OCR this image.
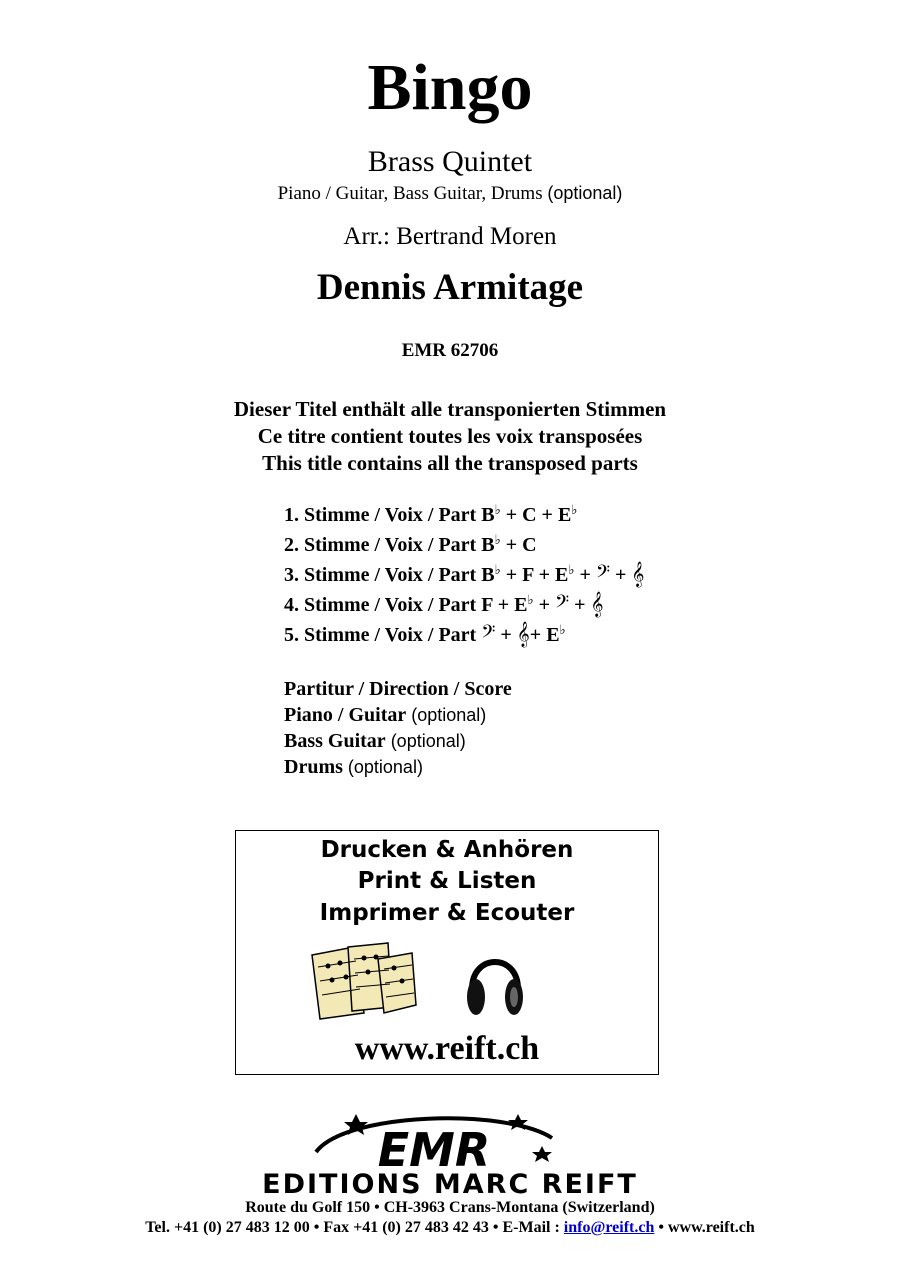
Bingo
Brass Quintet
Piano / Guitar, Bass Guitar, Drums (optional)
Arr.: Bertrand Moren
Dennis Armitage
EMR 62706
Dieser Titel enthält alle transponierten Stimmen
Ce titre contient toutes les voix transposées
This title contains all the transposed parts
1. Stimme / Voix / Part B♭ + C + E♭
2. Stimme / Voix / Part B♭ + C
3. Stimme / Voix / Part B♭ + F + E♭ + 𝄢 + 𝄞
4. Stimme / Voix / Part F + E♭ + 𝄢 + 𝄞
5. Stimme / Voix / Part 𝄢 + 𝄞+ E♭
Partitur / Direction / Score
Piano / Guitar (optional)
Bass Guitar (optional)
Drums (optional)
Drucken & Anhören
Print & Listen
Imprimer & Ecouter
www.reift.ch
EMR
EDITIONS MARC REIFT
Route du Golf 150 • CH-3963 Crans-Montana (Switzerland)
Tel. +41 (0) 27 483 12 00 • Fax +41 (0) 27 483 42 43 • E-Mail : info@reift.ch • www.reift.ch
